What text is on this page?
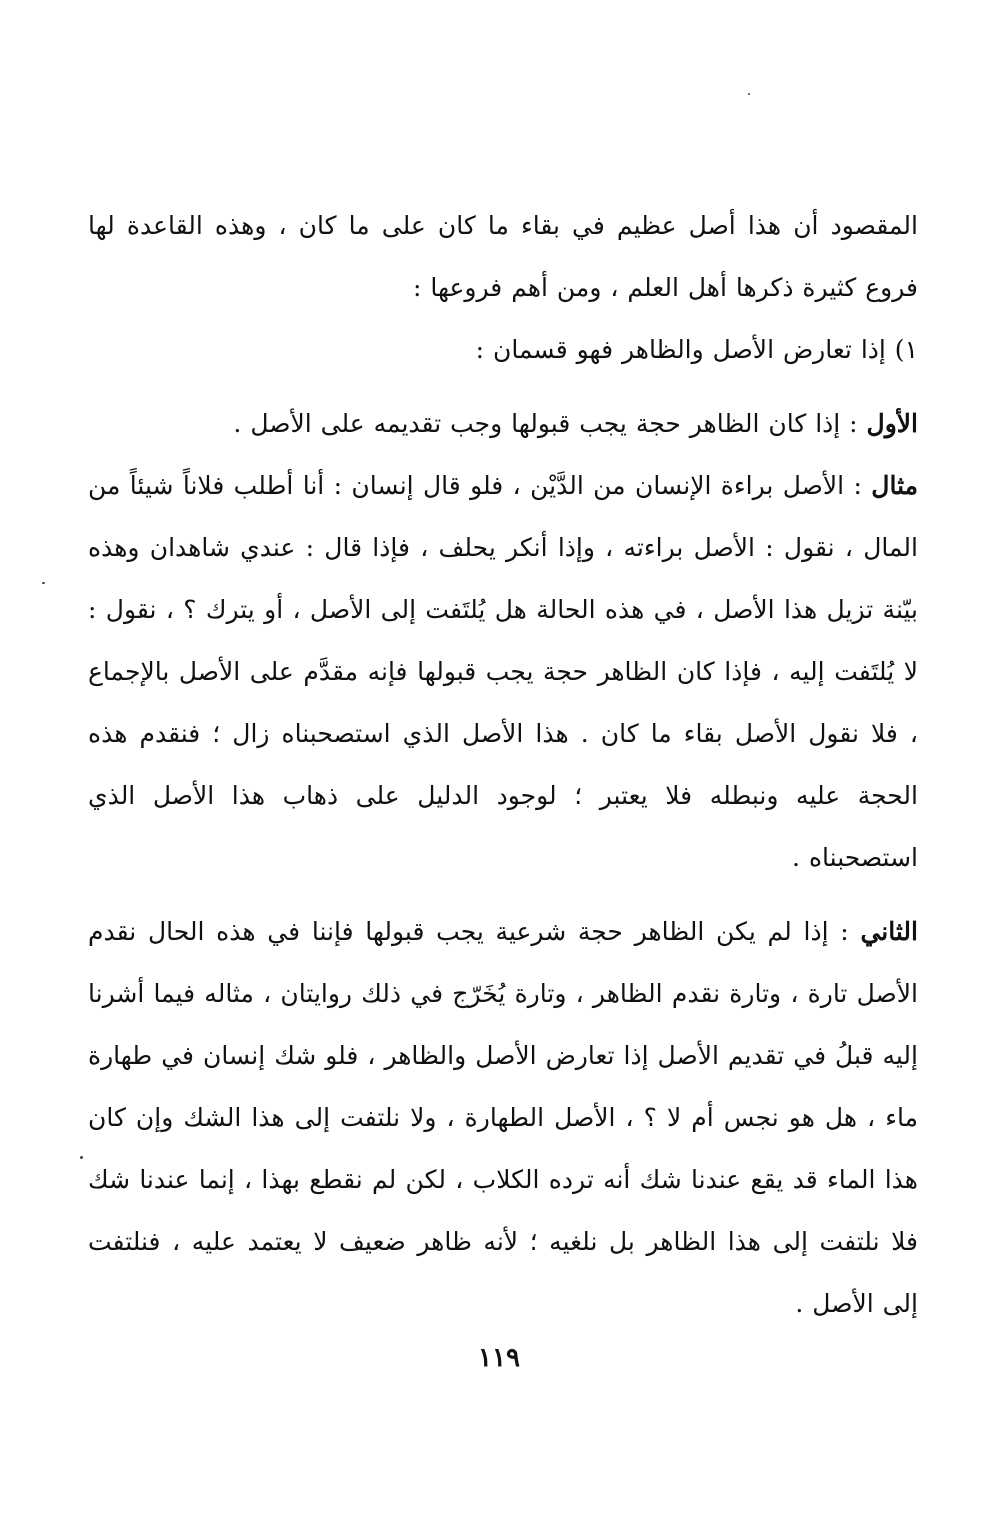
المقصود أن هذا أصل عظيم في بقاء ما كان على ما كان ، وهذه القاعدة لها فروع كثيرة ذكرها أهل العلم ، ومن أهم فروعها :

١) إذا تعارض الأصل والظاهر فهو قسمان :

الأول : إذا كان الظاهر حجة يجب قبولها وجب تقديمه على الأصل .

مثال : الأصل براءة الإنسان من الدَّيْن ، فلو قال إنسان : أنا أطلب فلاناً شيئاً من المال ، نقول : الأصل براءته ، وإذا أنكر يحلف ، فإذا قال : عندي شاهدان وهذه بيّنة تزيل هذا الأصل ، في هذه الحالة هل يُلتَفت إلى الأصل ، أو يترك ؟ ، نقول : لا يُلتَفت إليه ، فإذا كان الظاهر حجة يجب قبولها فإنه مقدَّم على الأصل بالإجماع ، فلا نقول الأصل بقاء ما كان . هذا الأصل الذي استصحبناه زال ؛ فنقدم هذه الحجة عليه ونبطله فلا يعتبر ؛ لوجود الدليل على ذهاب هذا الأصل الذي استصحبناه .

الثاني : إذا لم يكن الظاهر حجة شرعية يجب قبولها فإننا في هذه الحال نقدم الأصل تارة ، وتارة نقدم الظاهر ، وتارة يُخَرّج في ذلك روايتان ، مثاله فيما أشرنا إليه قبلُ في تقديم الأصل إذا تعارض الأصل والظاهر ، فلو شك إنسان في طهارة ماء ، هل هو نجس أم لا ؟ ، الأصل الطهارة ، ولا نلتفت إلى هذا الشك وإن كان هذا الماء قد يقع عندنا شك أنه ترده الكلاب ، لكن لم نقطع بهذا ، إنما عندنا شك فلا نلتفت إلى هذا الظاهر بل نلغيه ؛ لأنه ظاهر ضعيف لا يعتمد عليه ، فنلتفت إلى الأصل .

١١٩
